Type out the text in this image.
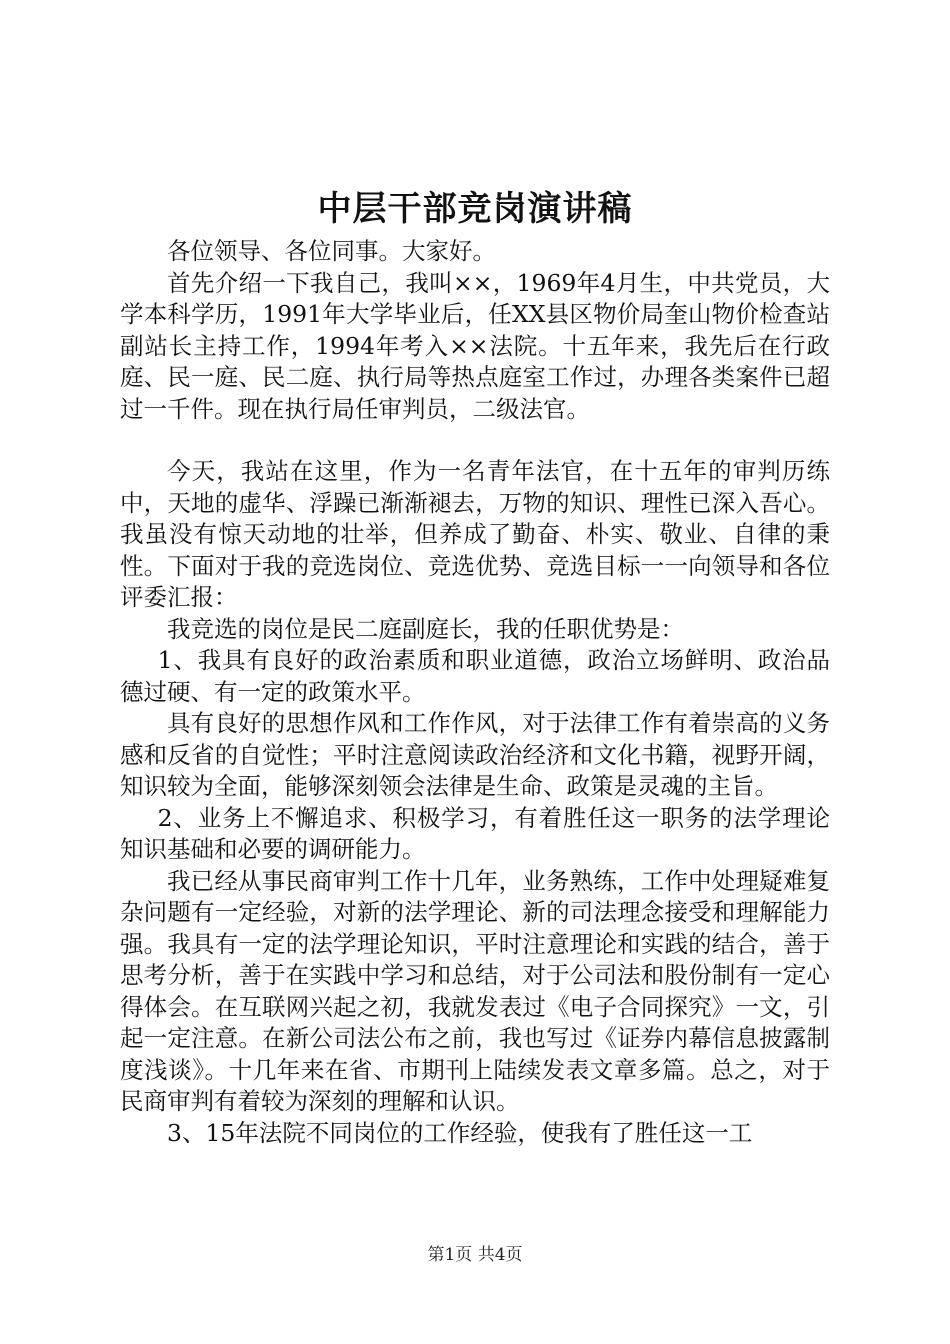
中层干部竞岗演讲稿

各位领导、各位同事。大家好。

首先介绍一下我自己，我叫××，1969年4月生，中共党员，大学本科学历，1991年大学毕业后，任XX县区物价局奎山物价检查站副站长主持工作，1994年考入××法院。十五年来，我先后在行政庭、民一庭、民二庭、执行局等热点庭室工作过，办理各类案件已超过一千件。现在执行局任审判员，二级法官。

今天，我站在这里，作为一名青年法官，在十五年的审判历练中，天地的虚华、浮躁已渐渐褪去，万物的知识、理性已深入吾心。我虽没有惊天动地的壮举，但养成了勤奋、朴实、敬业、自律的秉性。下面对于我的竞选岗位、竞选优势、竞选目标一一向领导和各位评委汇报：

我竞选的岗位是民二庭副庭长，我的任职优势是：

1、我具有良好的政治素质和职业道德，政治立场鲜明、政治品德过硬、有一定的政策水平。

具有良好的思想作风和工作作风，对于法律工作有着崇高的义务感和反省的自觉性；平时注意阅读政治经济和文化书籍，视野开阔，知识较为全面，能够深刻领会法律是生命、政策是灵魂的主旨。

2、业务上不懈追求、积极学习，有着胜任这一职务的法学理论知识基础和必要的调研能力。

我已经从事民商审判工作十几年，业务熟练，工作中处理疑难复杂问题有一定经验，对新的法学理论、新的司法理念接受和理解能力强。我具有一定的法学理论知识，平时注意理论和实践的结合，善于思考分析，善于在实践中学习和总结，对于公司法和股份制有一定心得体会。在互联网兴起之初，我就发表过《电子合同探究》一文，引起一定注意。在新公司法公布之前，我也写过《证券内幕信息披露制度浅谈》。十几年来在省、市期刊上陆续发表文章多篇。总之，对于民商审判有着较为深刻的理解和认识。

3、15年法院不同岗位的工作经验，使我有了胜任这一工

第1页 共4页
